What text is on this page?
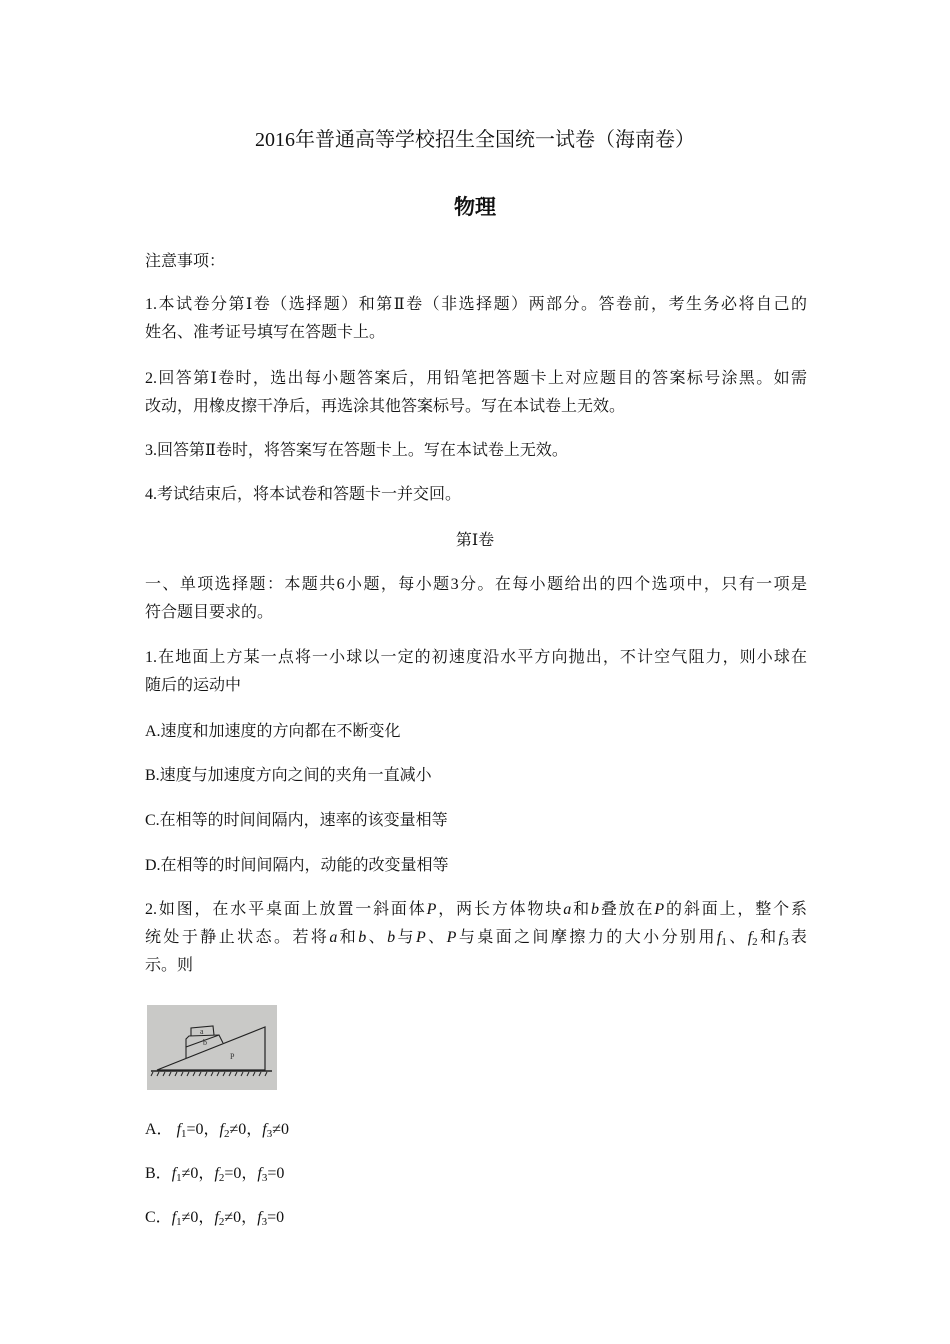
2016年普通高等学校招生全国统一试卷（海南卷）
物理
注意事项：
1.本试卷分第Ⅰ卷（选择题）和第Ⅱ卷（非选择题）两部分。答卷前，考生务必将自己的
姓名、准考证号填写在答题卡上。
2.回答第Ⅰ卷时，选出每小题答案后，用铅笔把答题卡上对应题目的答案标号涂黑。如需
改动，用橡皮擦干净后，再选涂其他答案标号。写在本试卷上无效。
3.回答第Ⅱ卷时，将答案写在答题卡上。写在本试卷上无效。
4.考试结束后，将本试卷和答题卡一并交回。
第Ⅰ卷
一、单项选择题：本题共6小题，每小题3分。在每小题给出的四个选项中，只有一项是
符合题目要求的。
1.在地面上方某一点将一小球以一定的初速度沿水平方向抛出，不计空气阻力，则小球在
随后的运动中
A.速度和加速度的方向都在不断变化
B.速度与加速度方向之间的夹角一直减小
C.在相等的时间间隔内，速率的该变量相等
D.在相等的时间间隔内，动能的改变量相等
2.如图，在水平桌面上放置一斜面体P，两长方体物块a和b叠放在P的斜面上，整个系
统处于静止状态。若将a和b、b与P、P与桌面之间摩擦力的大小分别用$f_1$、$f_2$和$f_3$表
示。则
a
b
P
A． $f_1=0$，$f_2\ne 0$，$f_3\ne 0$
B．$f_1\ne 0$，$f_2=0$，$f_3=0$
C．$f_1\ne 0$，$f_2\ne 0$，$f_3=0$
